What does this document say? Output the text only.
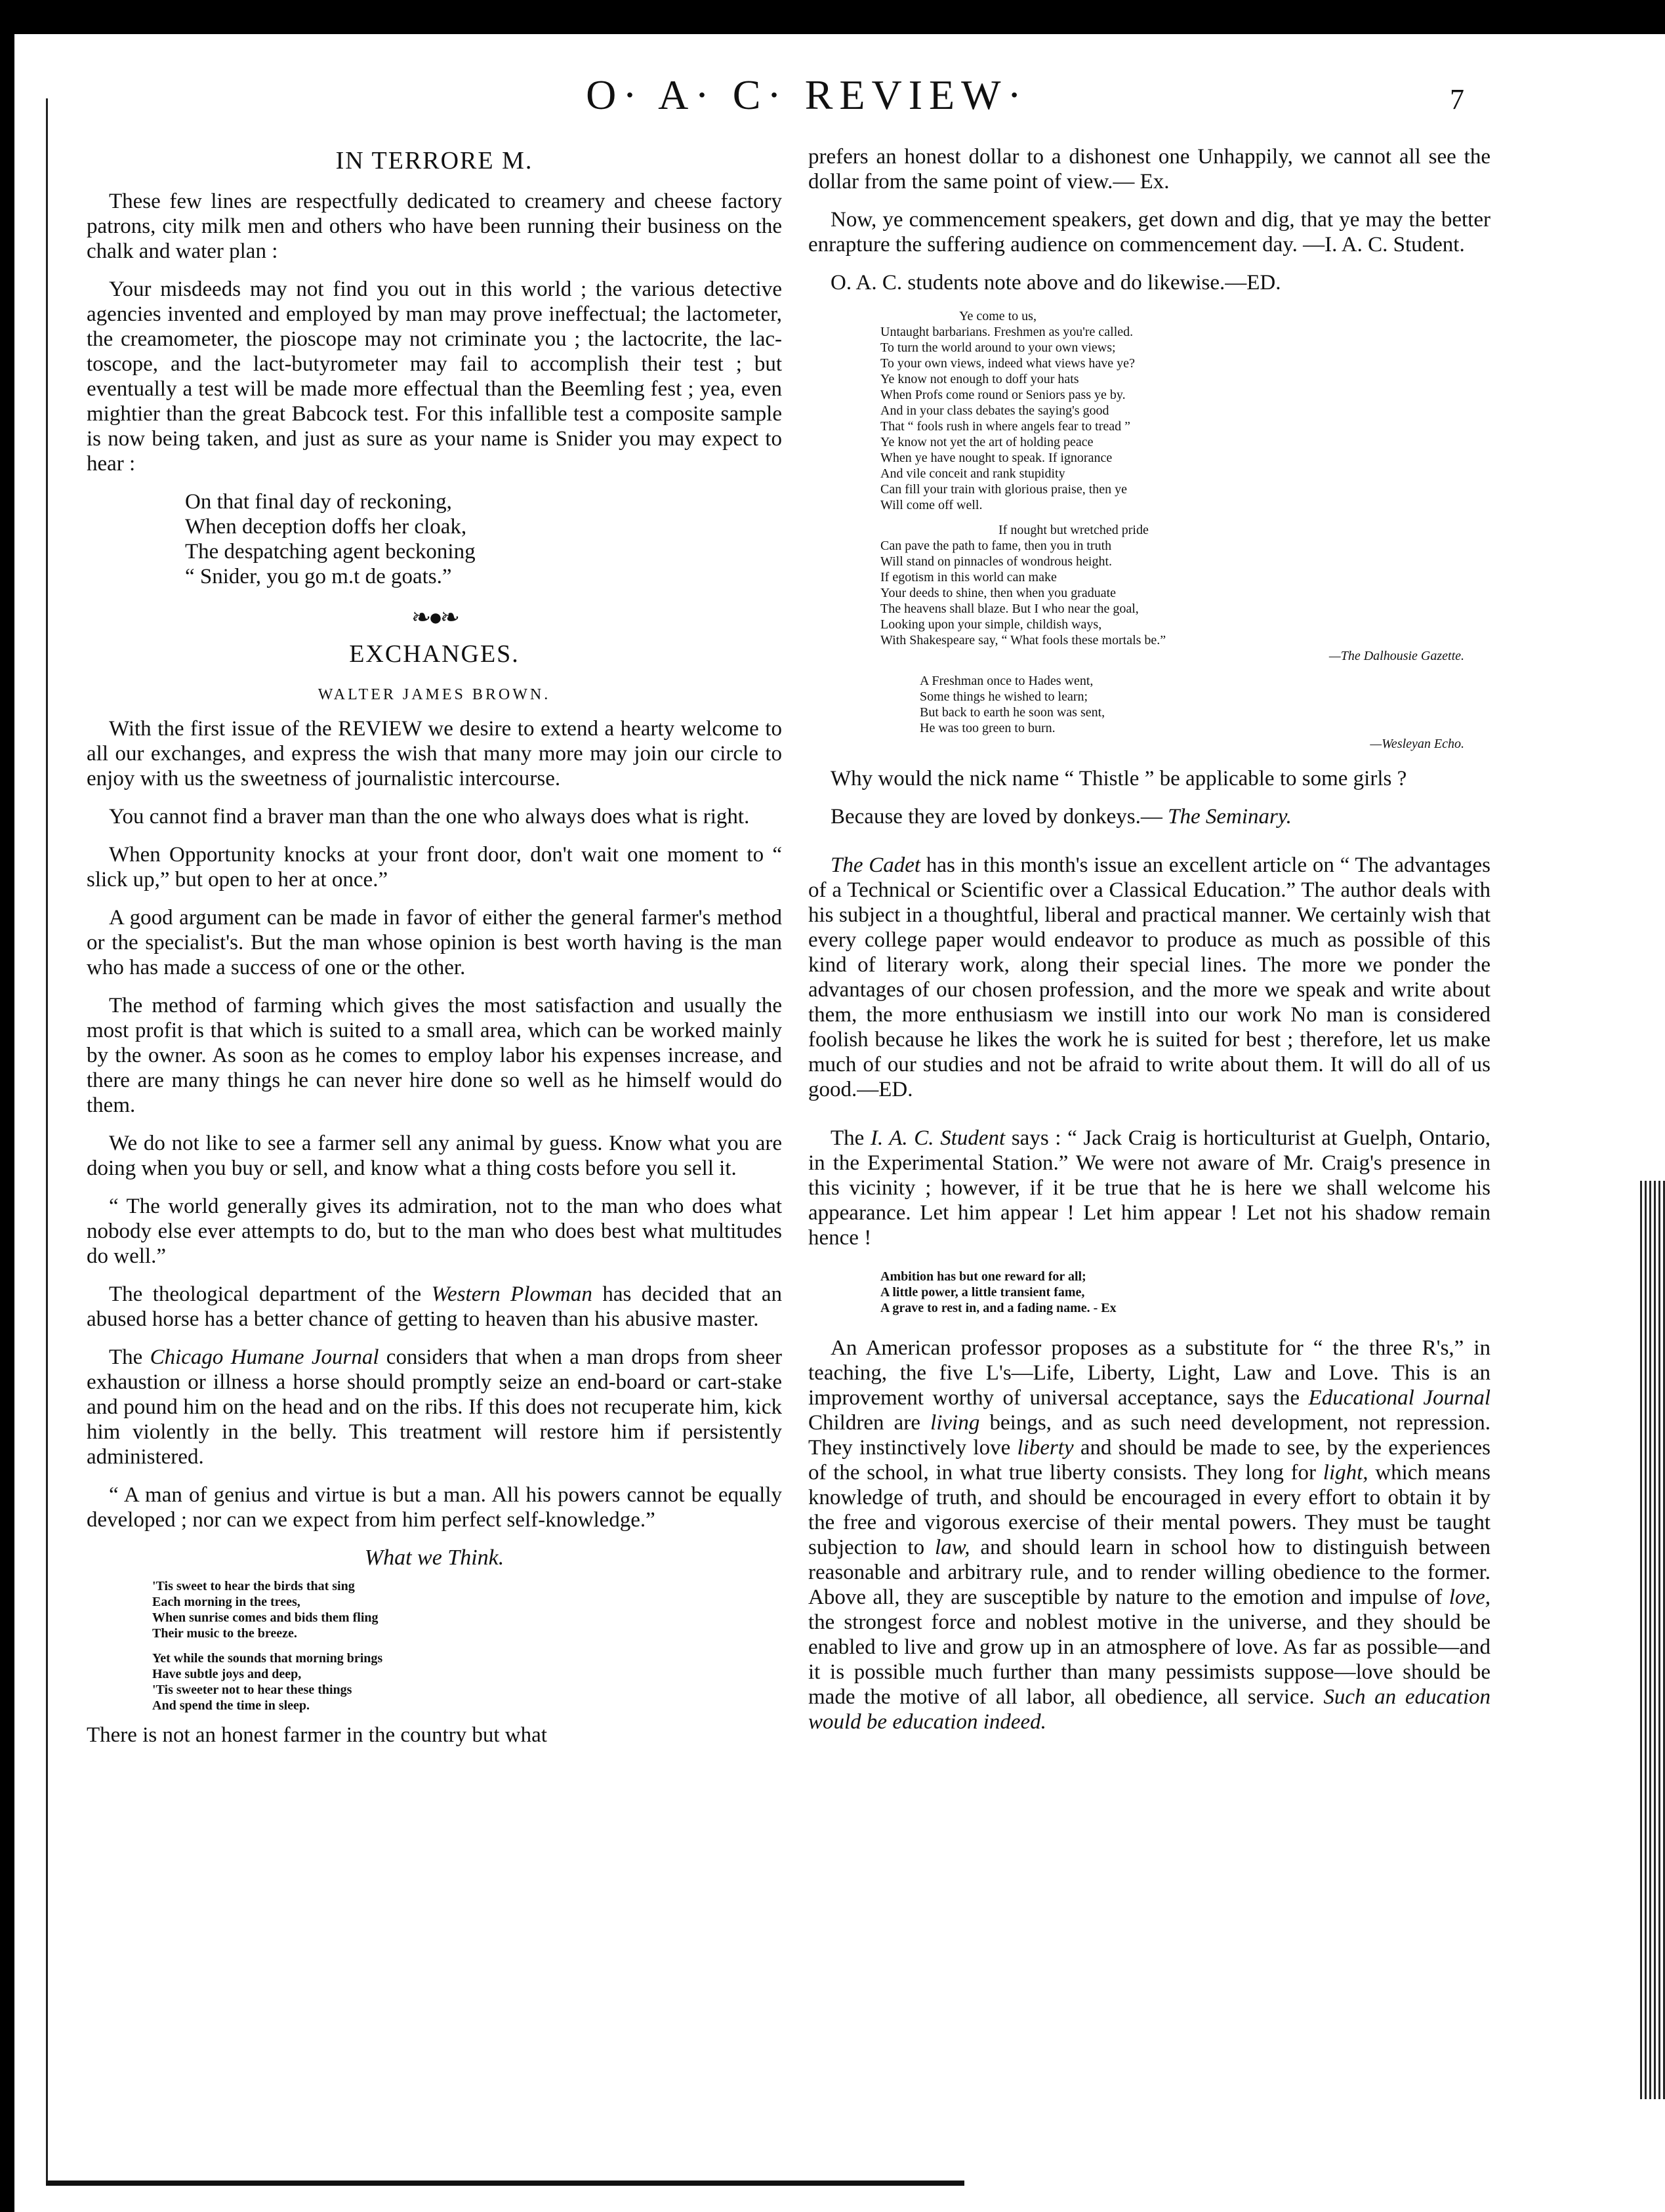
O· A· C· REVIEW·	7
IN TERRORE M.

These few lines are respectfully dedicated to creamery and cheese factory patrons, city milk men and others who have been running their business on the chalk and water plan :

Your misdeeds may not find you out in this world ; the various detective agencies invented and employed by man may prove ineffectual; the lactometer, the creamometer, the pioscope may not criminate you ; the lactocrite, the lac-toscope, and the lact-butyrometer may fail to accomplish their test ; but eventually a test will be made more effectual than the Beemling fest ; yea, even mightier than the great Babcock test. For this infallible test a composite sample is now being taken, and just as sure as your name is Snider you may expect to hear :

On that final day of reckoning,
When deception doffs her cloak,
The despatching agent beckoning
“ Snider, you go m.t de goats.”
❧●❧
EXCHANGES.
WALTER JAMES BROWN.

With the first issue of the REVIEW we desire to extend a hearty welcome to all our exchanges, and express the wish that many more may join our circle to enjoy with us the sweetness of journalistic intercourse.

You cannot find a braver man than the one who always does what is right.

When Opportunity knocks at your front door, don't wait one moment to “ slick up,” but open to her at once.”

A good argument can be made in favor of either the general farmer's method or the specialist's. But the man whose opinion is best worth having is the man who has made a success of one or the other.

The method of farming which gives the most satisfaction and usually the most profit is that which is suited to a small area, which can be worked mainly by the owner. As soon as he comes to employ labor his expenses increase, and there are many things he can never hire done so well as he himself would do them.

We do not like to see a farmer sell any animal by guess. Know what you are doing when you buy or sell, and know what a thing costs before you sell it.

“ The world generally gives its admiration, not to the man who does what nobody else ever attempts to do, but to the man who does best what multitudes do well.”

The theological department of the Western Plowman has decided that an abused horse has a better chance of getting to heaven than his abusive master.

The Chicago Humane Journal considers that when a man drops from sheer exhaustion or illness a horse should promptly seize an end-board or cart-stake and pound him on the head and on the ribs. If this does not recuperate him, kick him violently in the belly. This treatment will restore him if persistently administered.

“ A man of genius and virtue is but a man. All his powers cannot be equally developed ; nor can we expect from him perfect self-knowledge.”

What we Think.
'Tis sweet to hear the birds that sing
Each morning in the trees,
When sunrise comes and bids them fling
Their music to the breeze.
Yet while the sounds that morning brings
Have subtle joys and deep,
'Tis sweeter not to hear these things
And spend the time in sleep.

There is not an honest farmer in the country but what

prefers an honest dollar to a dishonest one Unhappily, we cannot all see the dollar from the same point of view.— Ex.

Now, ye commencement speakers, get down and dig, that ye may the better enrapture the suffering audience on commencement day. —I. A. C. Student.

O. A. C. students note above and do likewise.—ED.

Ye come to us,
Untaught barbarians. Freshmen as you're called.
To turn the world around to your own views;
To your own views, indeed what views have ye?
Ye know not enough to doff your hats
When Profs come round or Seniors pass ye by.
And in your class debates the saying's good
That “ fools rush in where angels fear to tread ”
Ye know not yet the art of holding peace
When ye have nought to speak. If ignorance
And vile conceit and rank stupidity
Can fill your train with glorious praise, then ye
Will come off well.
If nought but wretched pride
Can pave the path to fame, then you in truth
Will stand on pinnacles of wondrous height.
If egotism in this world can make
Your deeds to shine, then when you graduate
The heavens shall blaze. But I who near the goal,
Looking upon your simple, childish ways,
With Shakespeare say, “ What fools these mortals be.”
—The Dalhousie Gazette.
A Freshman once to Hades went,
Some things he wished to learn;
But back to earth he soon was sent,
He was too green to burn.
—Wesleyan Echo.

Why would the nick name “ Thistle ” be applicable to some girls ?

Because they are loved by donkeys.— The Seminary.

The Cadet has in this month's issue an excellent article on “ The advantages of a Technical or Scientific over a Classical Education.” The author deals with his subject in a thoughtful, liberal and practical manner. We certainly wish that every college paper would endeavor to produce as much as possible of this kind of literary work, along their special lines. The more we ponder the advantages of our chosen profession, and the more we speak and write about them, the more enthusiasm we instill into our work No man is considered foolish because he likes the work he is suited for best ; therefore, let us make much of our studies and not be afraid to write about them. It will do all of us good.—ED.

The I. A. C. Student says : “ Jack Craig is horticulturist at Guelph, Ontario, in the Experimental Station.” We were not aware of Mr. Craig's presence in this vicinity ; however, if it be true that he is here we shall welcome his appearance. Let him appear ! Let him appear ! Let not his shadow remain hence !

Ambition has but one reward for all;
A little power, a little transient fame,
A grave to rest in, and a fading name. - Ex

An American professor proposes as a substitute for “ the three R's,” in teaching, the five L's—Life, Liberty, Light, Law and Love. This is an improvement worthy of universal acceptance, says the Educational Journal Children are living beings, and as such need development, not repression. They instinctively love liberty and should be made to see, by the experiences of the school, in what true liberty consists. They long for light, which means knowledge of truth, and should be encouraged in every effort to obtain it by the free and vigorous exercise of their mental powers. They must be taught subjection to law, and should learn in school how to distinguish between reasonable and arbitrary rule, and to render willing obedience to the former. Above all, they are susceptible by nature to the emotion and impulse of love, the strongest force and noblest motive in the universe, and they should be enabled to live and grow up in an atmosphere of love. As far as possible—and it is possible much further than many pessimists suppose—love should be made the motive of all labor, all obedience, all service. Such an education would be education indeed.
